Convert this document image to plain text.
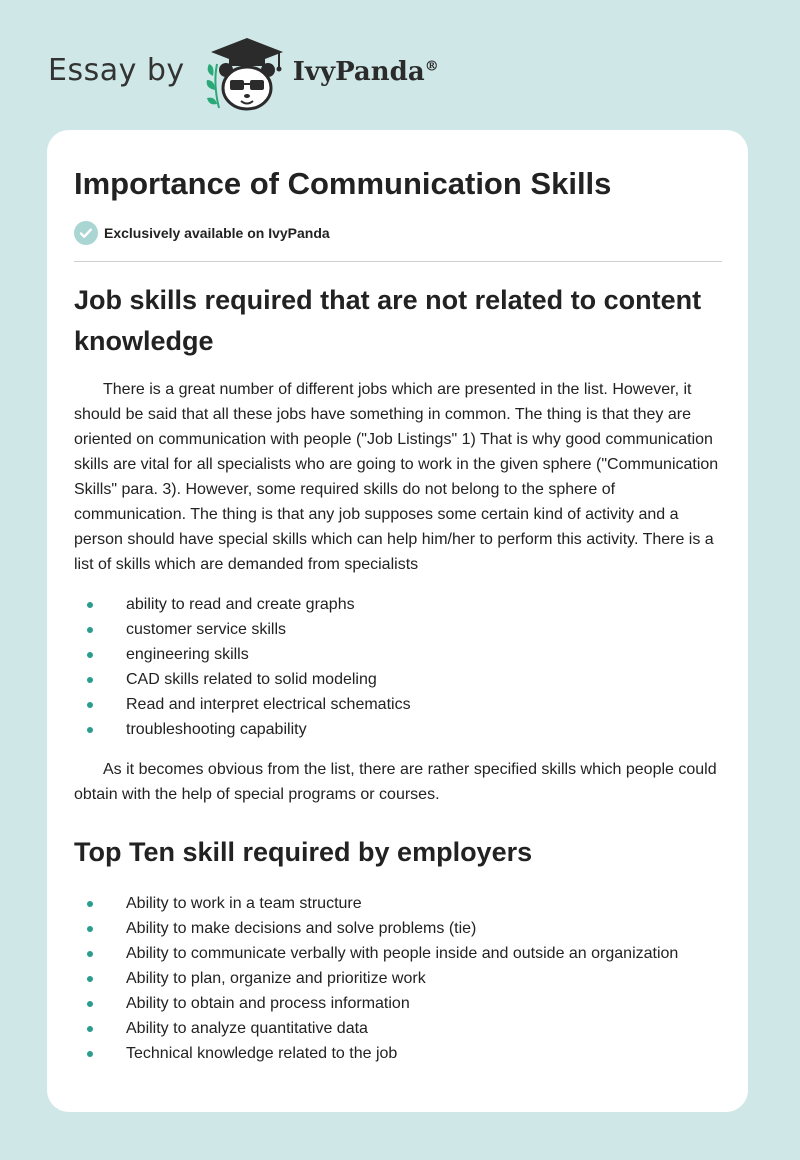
Essay by	IvyPanda®
Importance of Communication Skills
Exclusively available on IvyPanda
Job skills required that are not related to content knowledge

There is a great number of different jobs which are presented in the list. However, it should be said that all these jobs have something in common. The thing is that they are oriented on communication with people ("Job Listings" 1) That is why good communication skills are vital for all specialists who are going to work in the given sphere ("Communication Skills" para. 3). However, some required skills do not belong to the sphere of communication. The thing is that any job supposes some certain kind of activity and a person should have special skills which can help him/her to perform this activity. There is a list of skills which are demanded from specialists

ability to read and create graphs
customer service skills
engineering skills
CAD skills related to solid modeling
Read and interpret electrical schematics
troubleshooting capability

As it becomes obvious from the list, there are rather specified skills which people could obtain with the help of special programs or courses.

Top Ten skill required by employers
Ability to work in a team structure
Ability to make decisions and solve problems (tie)
Ability to communicate verbally with people inside and outside an organization
Ability to plan, organize and prioritize work
Ability to obtain and process information
Ability to analyze quantitative data
Technical knowledge related to the job
